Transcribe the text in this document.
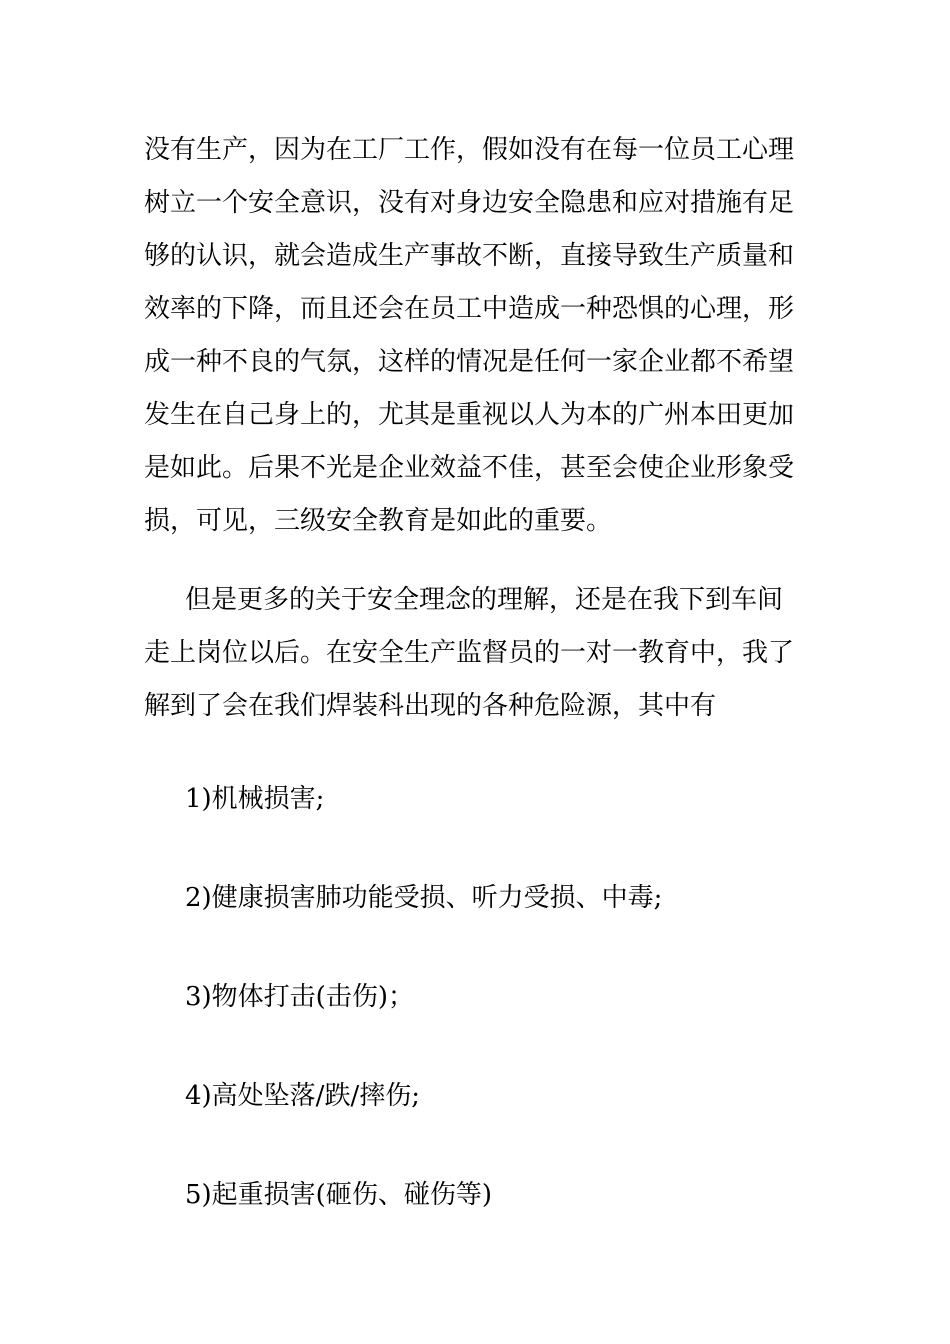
没有生产，因为在工厂工作，假如没有在每一位员工心理树立一个安全意识，没有对身边安全隐患和应对措施有足够的认识，就会造成生产事故不断，直接导致生产质量和效率的下降，而且还会在员工中造成一种恐惧的心理，形成一种不良的气氛，这样的情况是任何一家企业都不希望发生在自己身上的，尤其是重视以人为本的广州本田更加是如此。后果不光是企业效益不佳，甚至会使企业形象受损，可见，三级安全教育是如此的重要。

但是更多的关于安全理念的理解，还是在我下到车间走上岗位以后。在安全生产监督员的一对一教育中，我了解到了会在我们焊装科出现的各种危险源，其中有

1)机械损害;

2)健康损害肺功能受损、听力受损、中毒;

3)物体打击(击伤)；

4)高处坠落/跌/摔伤;

5)起重损害(砸伤、碰伤等)
